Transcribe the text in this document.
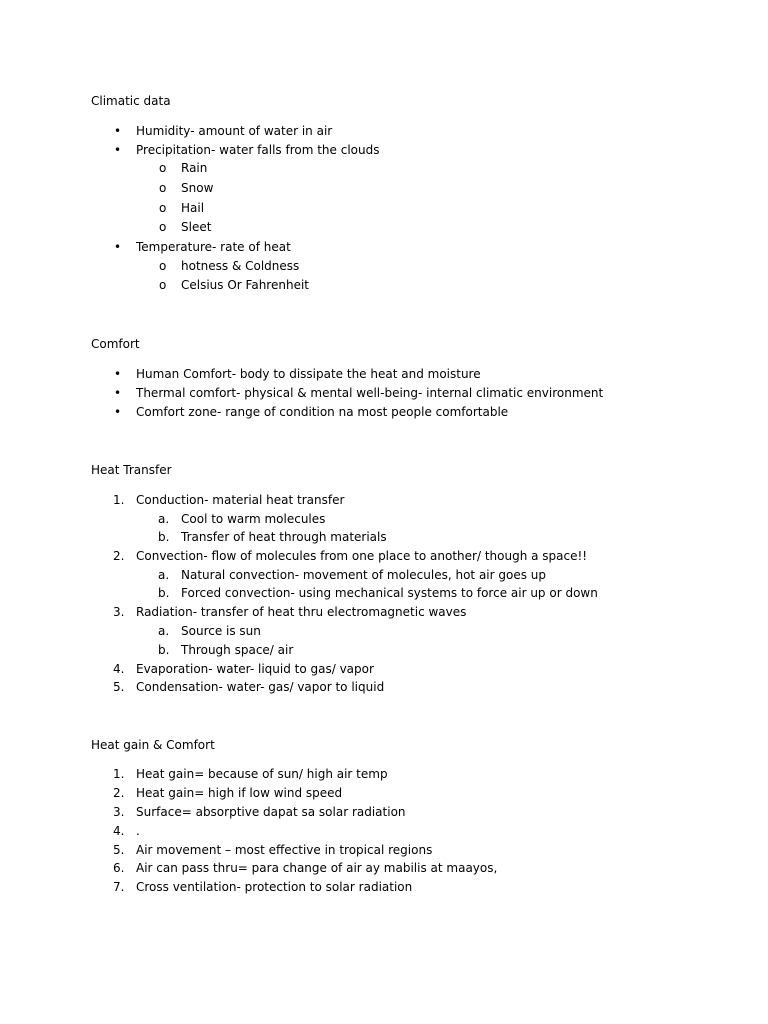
Climatic data
• Humidity- amount of water in air
• Precipitation- water falls from the clouds
o Rain
o Snow
o Hail
o Sleet
• Temperature- rate of heat
o hotness & Coldness
o Celsius Or Fahrenheit
Comfort
• Human Comfort- body to dissipate the heat and moisture
• Thermal comfort- physical & mental well-being- internal climatic environment
• Comfort zone- range of condition na most people comfortable
Heat Transfer
1. Conduction- material heat transfer
a. Cool to warm molecules
b. Transfer of heat through materials
2. Convection- flow of molecules from one place to another/ though a space!!
a. Natural convection- movement of molecules, hot air goes up
b. Forced convection- using mechanical systems to force air up or down
3. Radiation- transfer of heat thru electromagnetic waves
a. Source is sun
b. Through space/ air
4. Evaporation- water- liquid to gas/ vapor
5. Condensation- water- gas/ vapor to liquid
Heat gain & Comfort
1. Heat gain= because of sun/ high air temp
2. Heat gain= high if low wind speed
3. Surface= absorptive dapat sa solar radiation
4. .
5. Air movement – most effective in tropical regions
6. Air can pass thru= para change of air ay mabilis at maayos,
7. Cross ventilation- protection to solar radiation
